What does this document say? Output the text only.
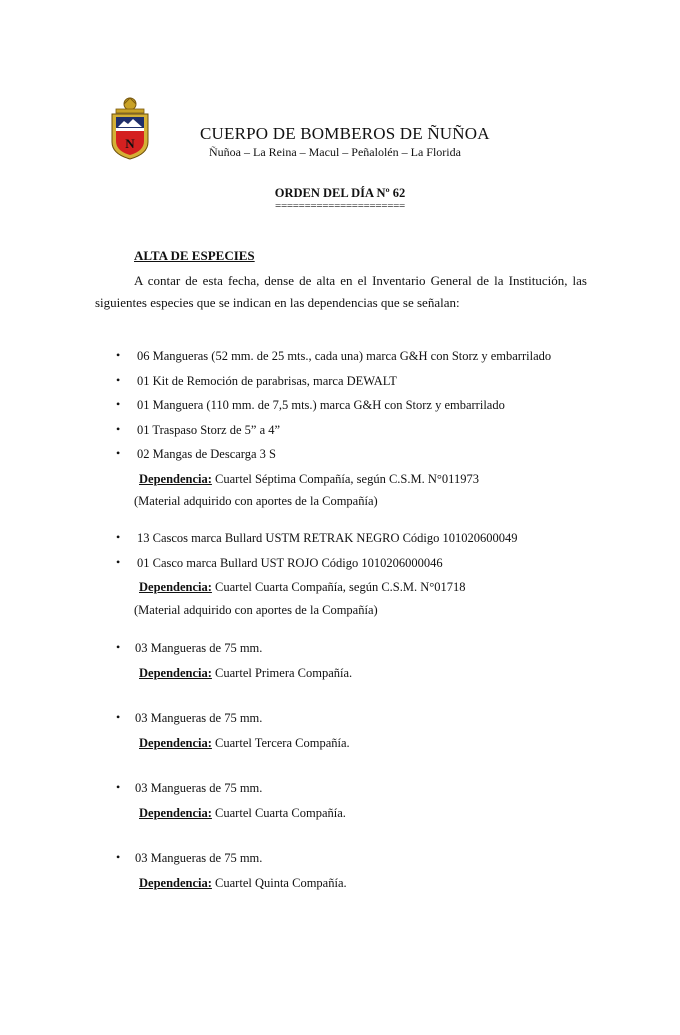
N
CUERPO DE BOMBEROS DE ÑUÑOA
Ñuñoa – La Reina – Macul – Peñalolén – La Florida
ORDEN DEL DÍA Nº 62
======================
ALTA DE ESPECIES
A contar de esta fecha, dense de alta en el Inventario General de la Institución, las siguientes especies que se indican en las dependencias que se señalan:
• 06 Mangueras (52 mm. de 25 mts., cada una) marca G&H con Storz y embarrilado
• 01 Kit de Remoción de parabrisas, marca DEWALT
• 01 Manguera (110 mm. de 7,5 mts.) marca G&H con Storz y embarrilado
• 01 Traspaso Storz de 5” a 4”
• 02 Mangas de Descarga 3 S
Dependencia: Cuartel Séptima Compañía, según C.S.M. N°011973
(Material adquirido con aportes de la Compañía)
• 13 Cascos marca Bullard USTM RETRAK NEGRO Código 101020600049
• 01 Casco marca Bullard UST ROJO Código 1010206000046
Dependencia: Cuartel Cuarta Compañía, según C.S.M. N°01718
(Material adquirido con aportes de la Compañía)
• 03 Mangueras de 75 mm.
Dependencia: Cuartel Primera Compañía.
• 03 Mangueras de 75 mm.
Dependencia: Cuartel Tercera Compañía.
• 03 Mangueras de 75 mm.
Dependencia: Cuartel Cuarta Compañía.
• 03 Mangueras de 75 mm.
Dependencia: Cuartel Quinta Compañía.
